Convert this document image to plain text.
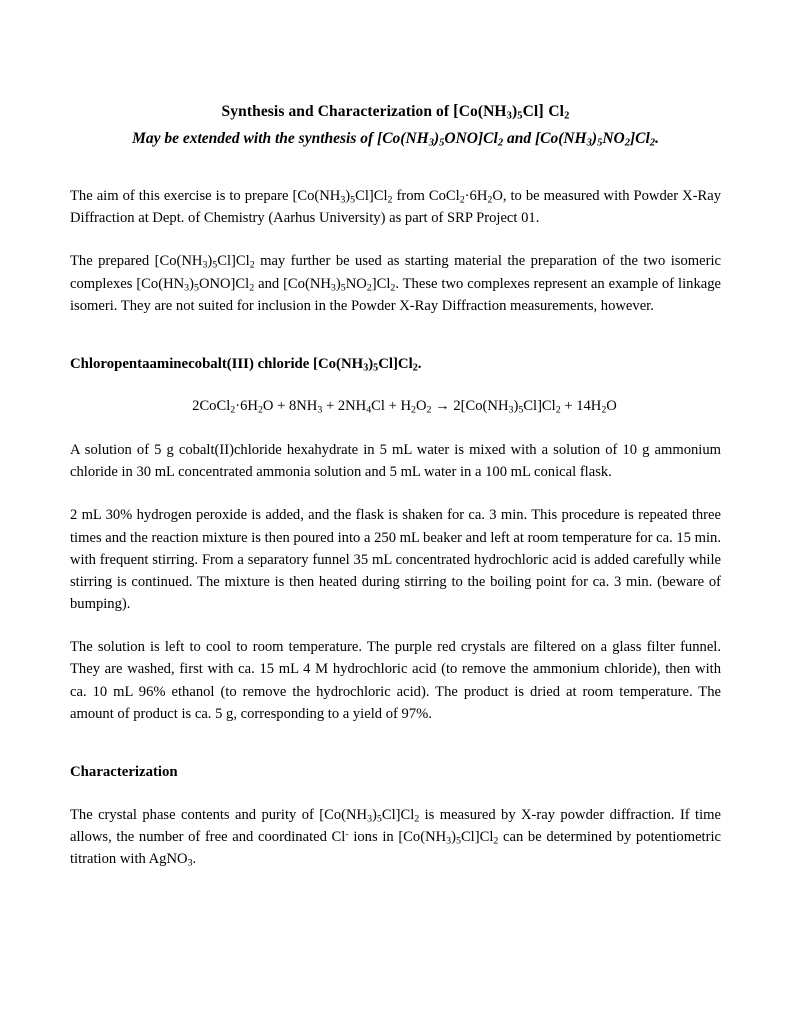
Synthesis and Characterization of $[Co(NH_3)_5Cl]$ $Cl_2$
May be extended with the synthesis of $[Co(NH_3)_5ONO]Cl_2$ and $[Co(NH_3)_5NO_2]Cl_2$.

The aim of this exercise is to prepare $[Co(NH_3)_5Cl]Cl_2$ from $CoCl_2\cdot 6H_2O$, to be measured with Powder X-Ray Diffraction at Dept. of Chemistry (Aarhus University) as part of SRP Project 01.

The prepared $[Co(NH_3)_5Cl]Cl_2$ may further be used as starting material the preparation of the two isomeric complexes $[Co(HN_3)_5ONO]Cl_2$ and $[Co(NH_3)_5NO_2]Cl_2$. These two complexes represent an example of linkage isomeri. They are not suited for inclusion in the Powder X-Ray Diffraction measurements, however.

Chloropentaaminecobalt(III) chloride $[Co(NH_3)_5Cl]Cl_2$.

$2CoCl_2\cdot 6H_2O + 8NH_3 + 2NH_4Cl + H_2O_2 \to 2[Co(NH_3)_5Cl]Cl_2 + 14H_2O$

A solution of 5 g cobalt(II)chloride hexahydrate in 5 mL water is mixed with a solution of 10 g ammonium chloride in 30 mL concentrated ammonia solution and 5 mL water in a 100 mL conical flask.

2 mL 30% hydrogen peroxide is added, and the flask is shaken for ca. 3 min. This procedure is repeated three times and the reaction mixture is then poured into a 250 mL beaker and left at room temperature for ca. 15 min. with frequent stirring. From a separatory funnel 35 mL concentrated hydrochloric acid is added carefully while stirring is continued. The mixture is then heated during stirring to the boiling point for ca. 3 min. (beware of bumping).

The solution is left to cool to room temperature. The purple red crystals are filtered on a glass filter funnel. They are washed, first with ca. 15 mL 4 M hydrochloric acid (to remove the ammonium chloride), then with ca. 10 mL 96% ethanol (to remove the hydrochloric acid). The product is dried at room temperature. The amount of product is ca. 5 g, corresponding to a yield of 97%.

Characterization

The crystal phase contents and purity of $[Co(NH_3)_5Cl]Cl_2$ is measured by X-ray powder diffraction. If time allows, the number of free and coordinated Cl- ions in $[Co(NH_3)_5Cl]Cl_2$ can be determined by potentiometric titration with AgNO$_3$.
